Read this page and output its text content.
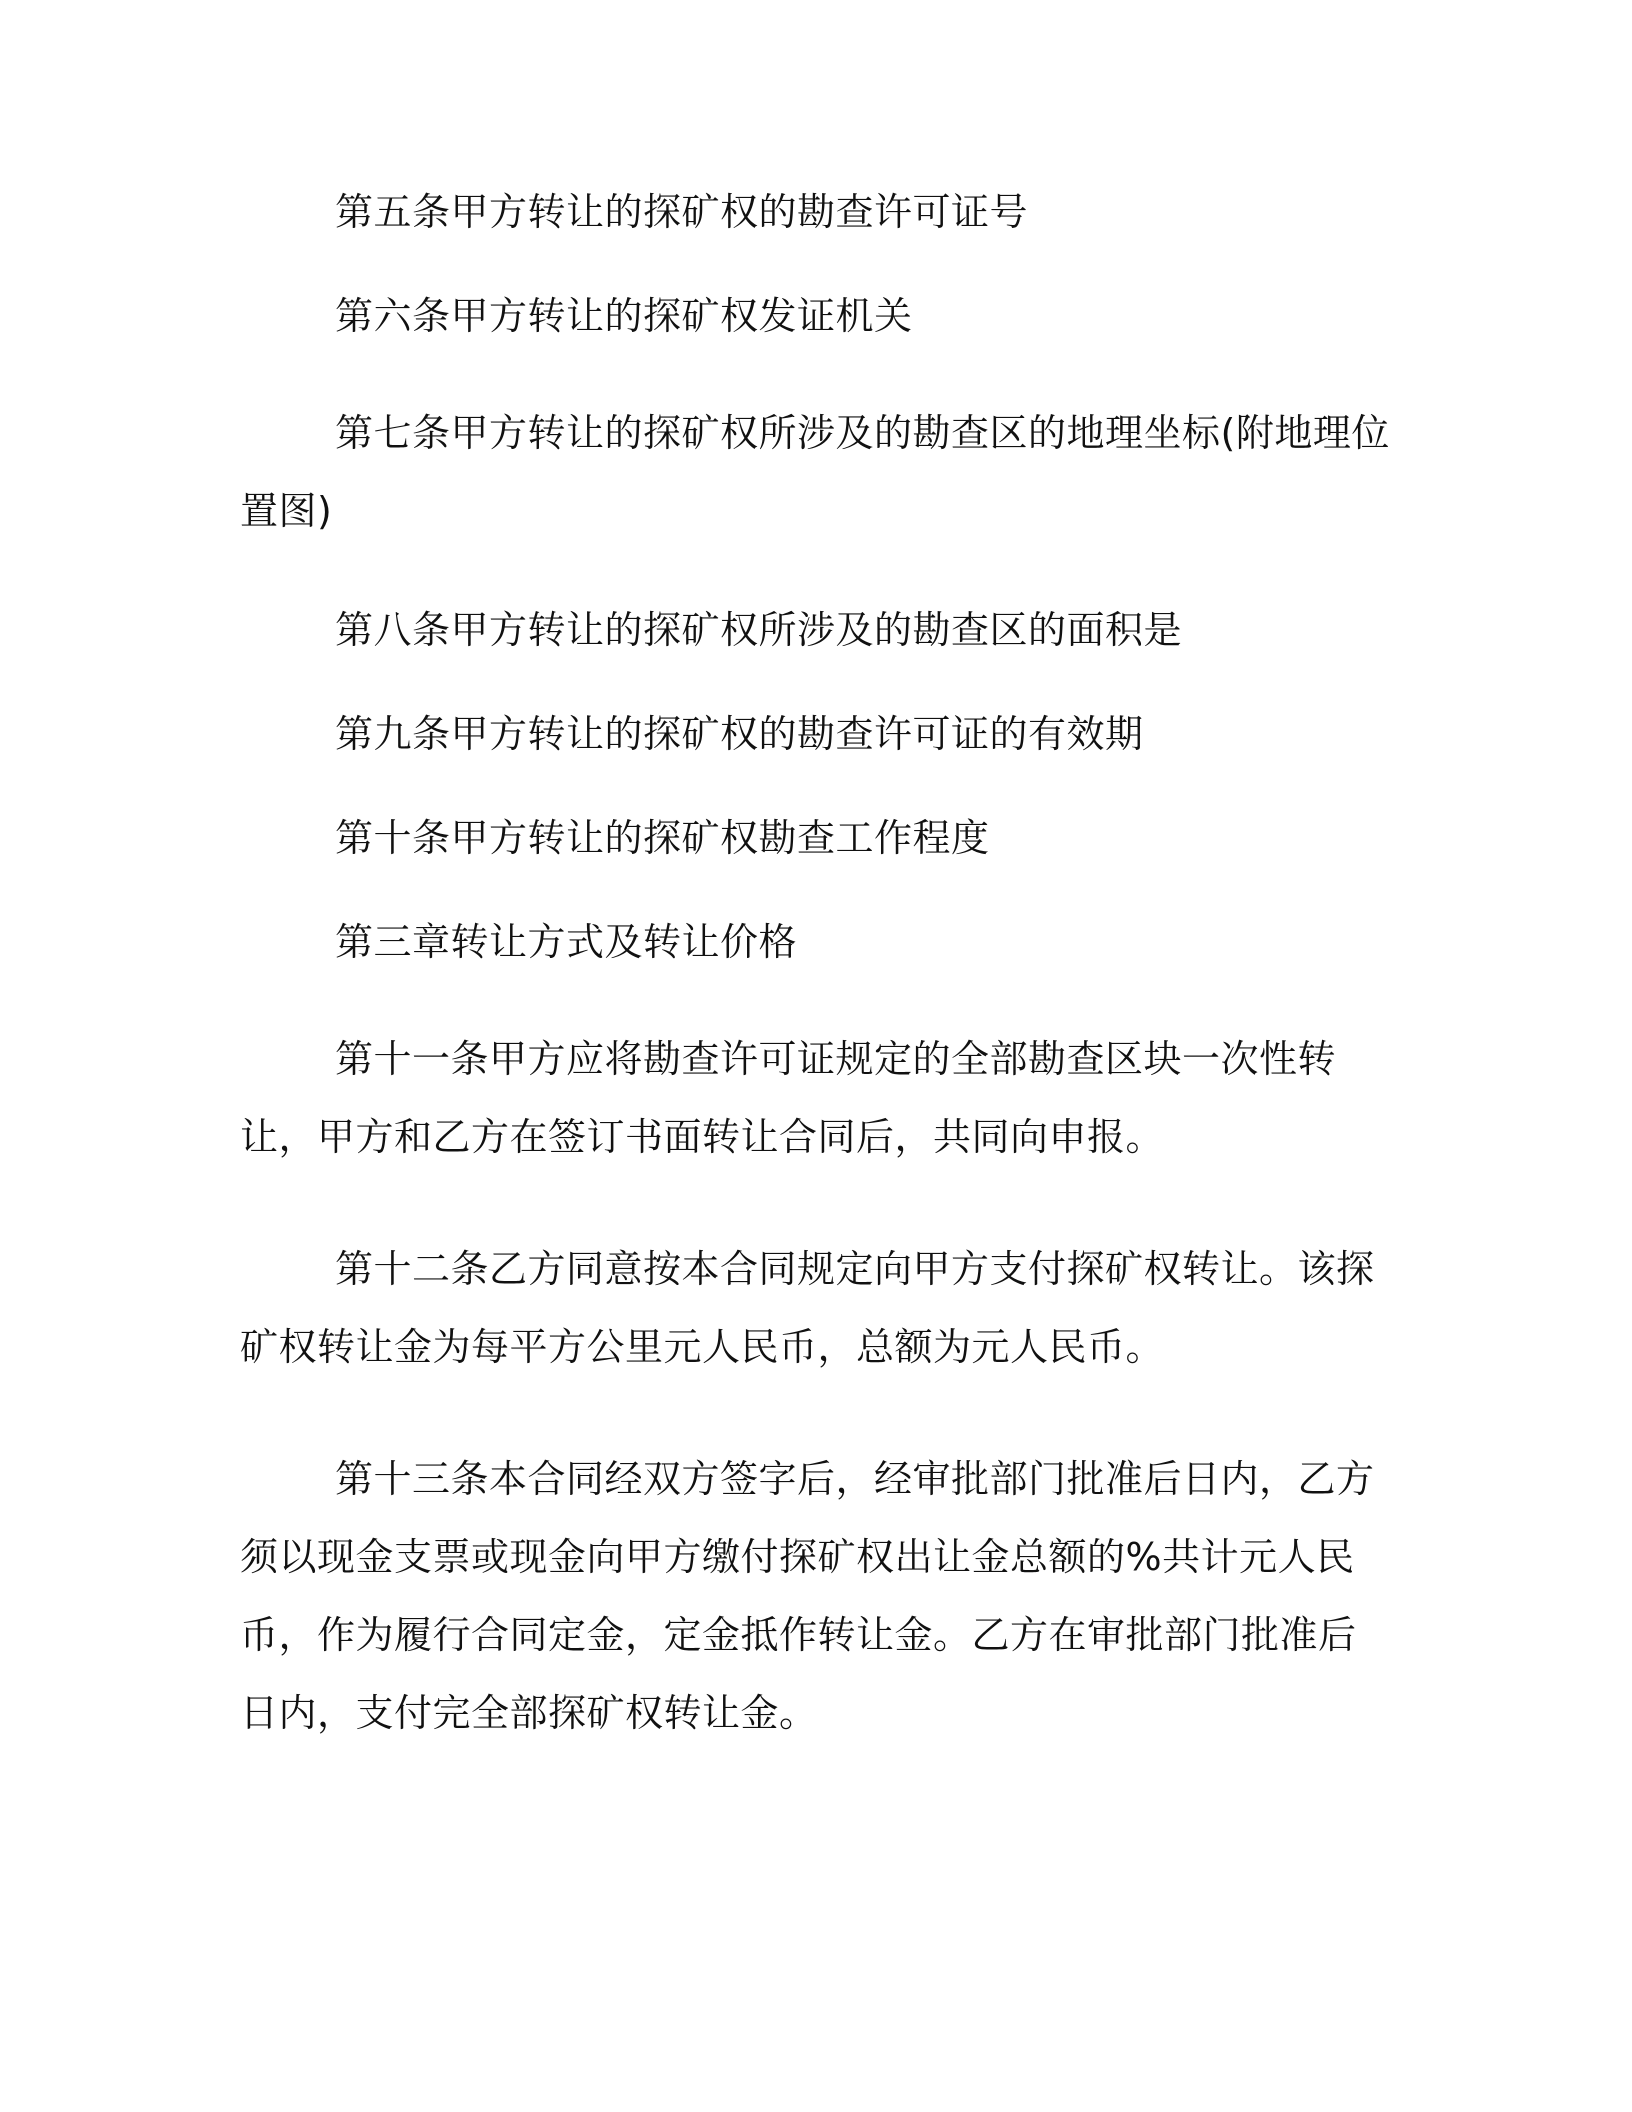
第五条甲方转让的探矿权的勘查许可证号

第六条甲方转让的探矿权发证机关

第七条甲方转让的探矿权所涉及的勘查区的地理坐标(附地理位置图)

第八条甲方转让的探矿权所涉及的勘查区的面积是

第九条甲方转让的探矿权的勘查许可证的有效期

第十条甲方转让的探矿权勘查工作程度

第三章转让方式及转让价格

第十一条甲方应将勘查许可证规定的全部勘查区块一次性转让，甲方和乙方在签订书面转让合同后，共同向申报。

第十二条乙方同意按本合同规定向甲方支付探矿权转让。该探矿权转让金为每平方公里元人民币，总额为元人民币。

第十三条本合同经双方签字后，经审批部门批准后日内，乙方须以现金支票或现金向甲方缴付探矿权出让金总额的%共计元人民币，作为履行合同定金，定金抵作转让金。乙方在审批部门批准后日内，支付完全部探矿权转让金。
